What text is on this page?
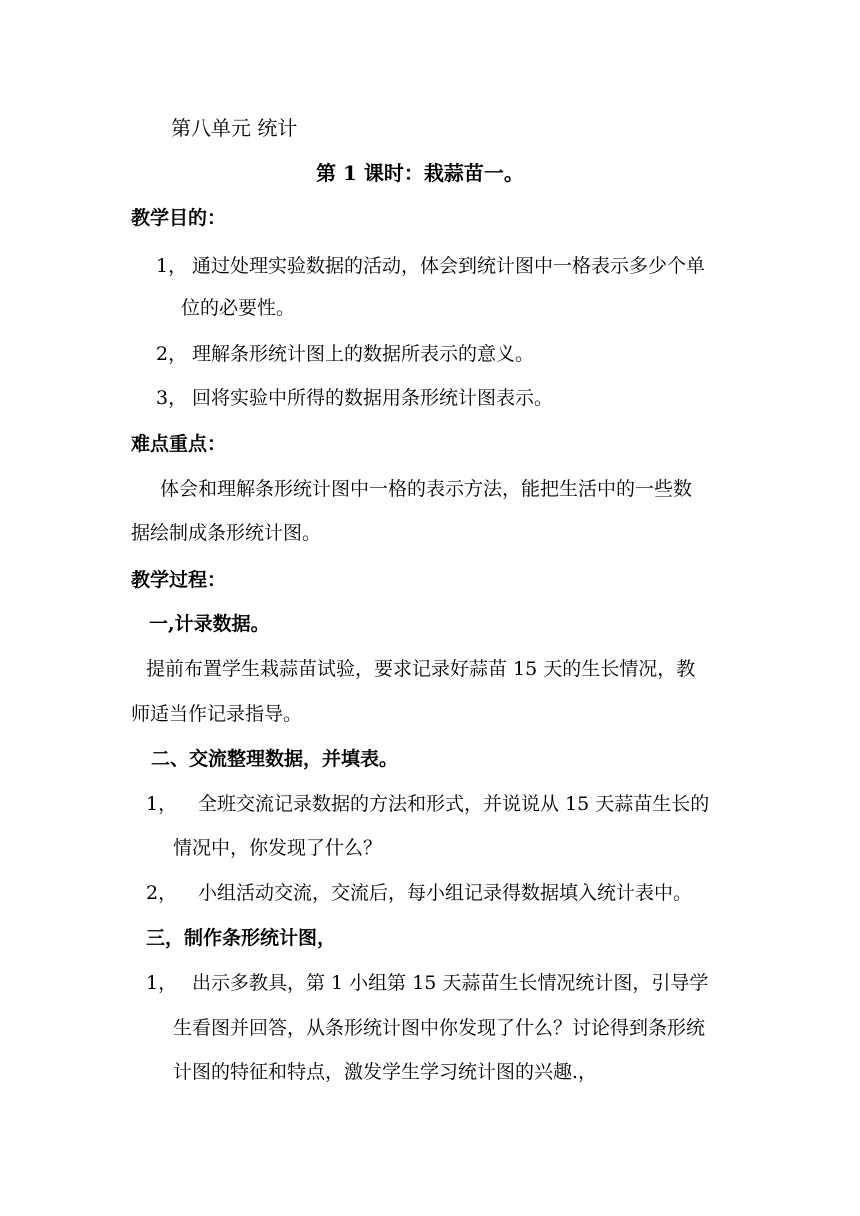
第八单元 统计
第 1 课时：栽蒜苗一。
教学目的：
1， 通过处理实验数据的活动，体会到统计图中一格表示多少个单
位的必要性。
2， 理解条形统计图上的数据所表示的意义。
3， 回将实验中所得的数据用条形统计图表示。
难点重点：
体会和理解条形统计图中一格的表示方法，能把生活中的一些数
据绘制成条形统计图。
教学过程：
一,计录数据。
提前布置学生栽蒜苗试验，要求记录好蒜苗 15 天的生长情况，教
师适当作记录指导。
二、交流整理数据，并填表。
1， 全班交流记录数据的方法和形式，并说说从 15 天蒜苗生长的
情况中，你发现了什么？
2， 小组活动交流，交流后，每小组记录得数据填入统计表中。
三，制作条形统计图，
1， 出示多教具，第 1 小组第 15 天蒜苗生长情况统计图，引导学
生看图并回答，从条形统计图中你发现了什么？讨论得到条形统
计图的特征和特点，激发学生学习统计图的兴趣.，
